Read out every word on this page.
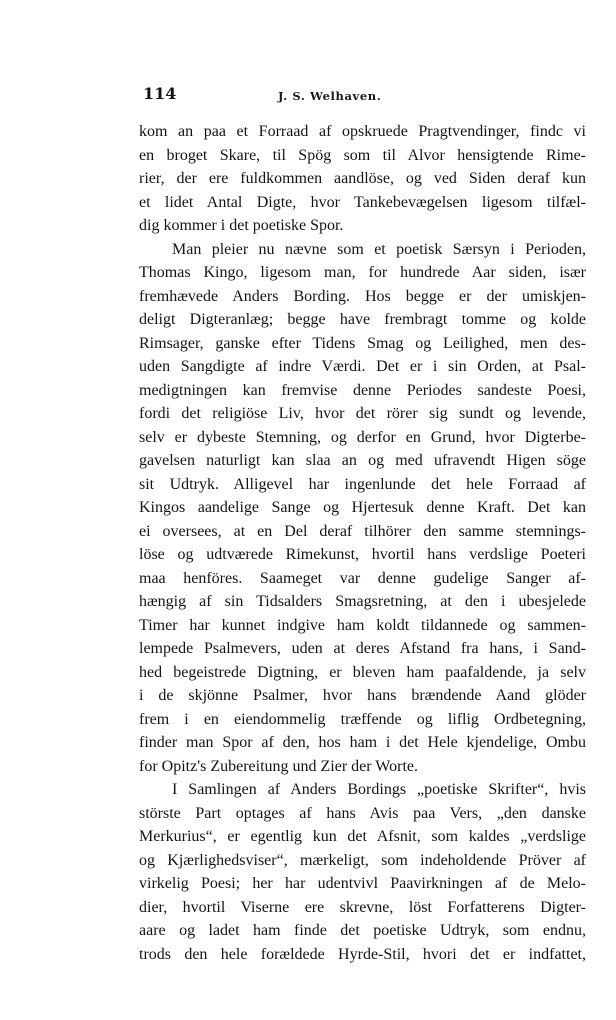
114	J. S. Welhaven.
kom an paa et Forraad af opskruede Pragtvendinger, findc vi
en broget Skare, til Spög som til Alvor hensigtende Rime-
rier, der ere fuldkommen aandlöse, og ved Siden deraf kun
et lidet Antal Digte, hvor Tankebevægelsen ligesom tilfæl-
dig kommer i det poetiske Spor.
Man pleier nu nævne som et poetisk Særsyn i Perioden,
Thomas Kingo, ligesom man, for hundrede Aar siden, især
fremhævede Anders Bording. Hos begge er der umiskjen-
deligt Digteranlæg; begge have frembragt tomme og kolde
Rimsager, ganske efter Tidens Smag og Leilighed, men des-
uden Sangdigte af indre Værdi. Det er i sin Orden, at Psal-
medigtningen kan fremvise denne Periodes sandeste Poesi,
fordi det religiöse Liv, hvor det rörer sig sundt og levende,
selv er dybeste Stemning, og derfor en Grund, hvor Digterbe-
gavelsen naturligt kan slaa an og med ufravendt Higen söge
sit Udtryk. Alligevel har ingenlunde det hele Forraad af
Kingos aandelige Sange og Hjertesuk denne Kraft. Det kan
ei oversees, at en Del deraf tilhörer den samme stemnings-
löse og udtværede Rimekunst, hvortil hans verdslige Poeteri
maa henföres. Saameget var denne gudelige Sanger af-
hængig af sin Tidsalders Smagsretning, at den i ubesjelede
Timer har kunnet indgive ham koldt tildannede og sammen-
lempede Psalmevers, uden at deres Afstand fra hans, i Sand-
hed begeistrede Digtning, er bleven ham paafaldende, ja selv
i de skjönne Psalmer, hvor hans brændende Aand glöder
frem i en eiendommelig træffende og liflig Ordbetegning,
finder man Spor af den, hos ham i det Hele kjendelige, Ombu
for Opitz's Zubereitung und Zier der Worte.
I Samlingen af Anders Bordings „poetiske Skrifter“, hvis
störste Part optages af hans Avis paa Vers, „den danske
Merkurius“, er egentlig kun det Afsnit, som kaldes „verdslige
og Kjærlighedsviser“, mærkeligt, som indeholdende Pröver af
virkelig Poesi; her har udentvivl Paavirkningen af de Melo-
dier, hvortil Viserne ere skrevne, löst Forfatterens Digter-
aare og ladet ham finde det poetiske Udtryk, som endnu,
trods den hele forældede Hyrde-Stil, hvori det er indfattet,
